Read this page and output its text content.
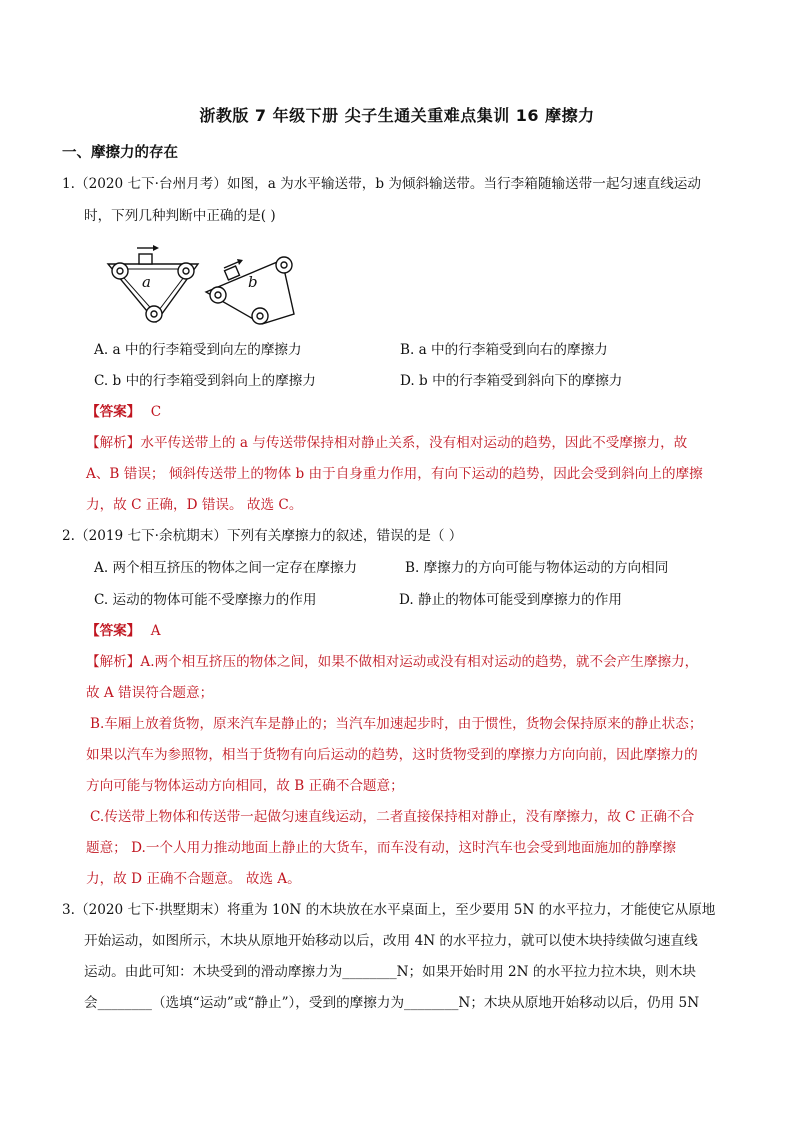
浙教版 7 年级下册 尖子生通关重难点集训 16 摩擦力
一、摩擦力的存在
1.（2020 七下·台州月考）如图，a 为水平输送带，b 为倾斜输送带。当行李箱随输送带一起匀速直线运动
时，下列几种判断中正确的是( )
a	b
A. a 中的行李箱受到向左的摩擦力	B. a 中的行李箱受到向右的摩擦力
C. b 中的行李箱受到斜向上的摩擦力	D. b 中的行李箱受到斜向下的摩擦力
【答案】 C
【解析】水平传送带上的 a 与传送带保持相对静止关系，没有相对运动的趋势，因此不受摩擦力，故
A、B 错误； 倾斜传送带上的物体 b 由于自身重力作用，有向下运动的趋势，因此会受到斜向上的摩擦
力，故 C 正确，D 错误。 故选 C。
2.（2019 七下·余杭期末）下列有关摩擦力的叙述，错误的是（ ）
A. 两个相互挤压的物体之间一定存在摩擦力	B. 摩擦力的方向可能与物体运动的方向相同
C. 运动的物体可能不受摩擦力的作用	D. 静止的物体可能受到摩擦力的作用
【答案】 A
【解析】A.两个相互挤压的物体之间，如果不做相对运动或没有相对运动的趋势，就不会产生摩擦力，
故 A 错误符合题意；
B.车厢上放着货物，原来汽车是静止的；当汽车加速起步时，由于惯性，货物会保持原来的静止状态；
如果以汽车为参照物，相当于货物有向后运动的趋势，这时货物受到的摩擦力方向向前，因此摩擦力的
方向可能与物体运动方向相同，故 B 正确不合题意；
C.传送带上物体和传送带一起做匀速直线运动，二者直接保持相对静止，没有摩擦力，故 C 正确不合
题意； D.一个人用力推动地面上静止的大货车，而车没有动，这时汽车也会受到地面施加的静摩擦
力，故 D 正确不合题意。 故选 A。
3.（2020 七下·拱墅期末）将重为 10N 的木块放在水平桌面上，至少要用 5N 的水平拉力，才能使它从原地
开始运动，如图所示，木块从原地开始移动以后，改用 4N 的水平拉力，就可以使木块持续做匀速直线
运动。由此可知：木块受到的滑动摩擦力为________N；如果开始时用 2N 的水平拉力拉木块，则木块
会________（选填“运动”或“静止”），受到的摩擦力为________N；木块从原地开始移动以后，仍用 5N
